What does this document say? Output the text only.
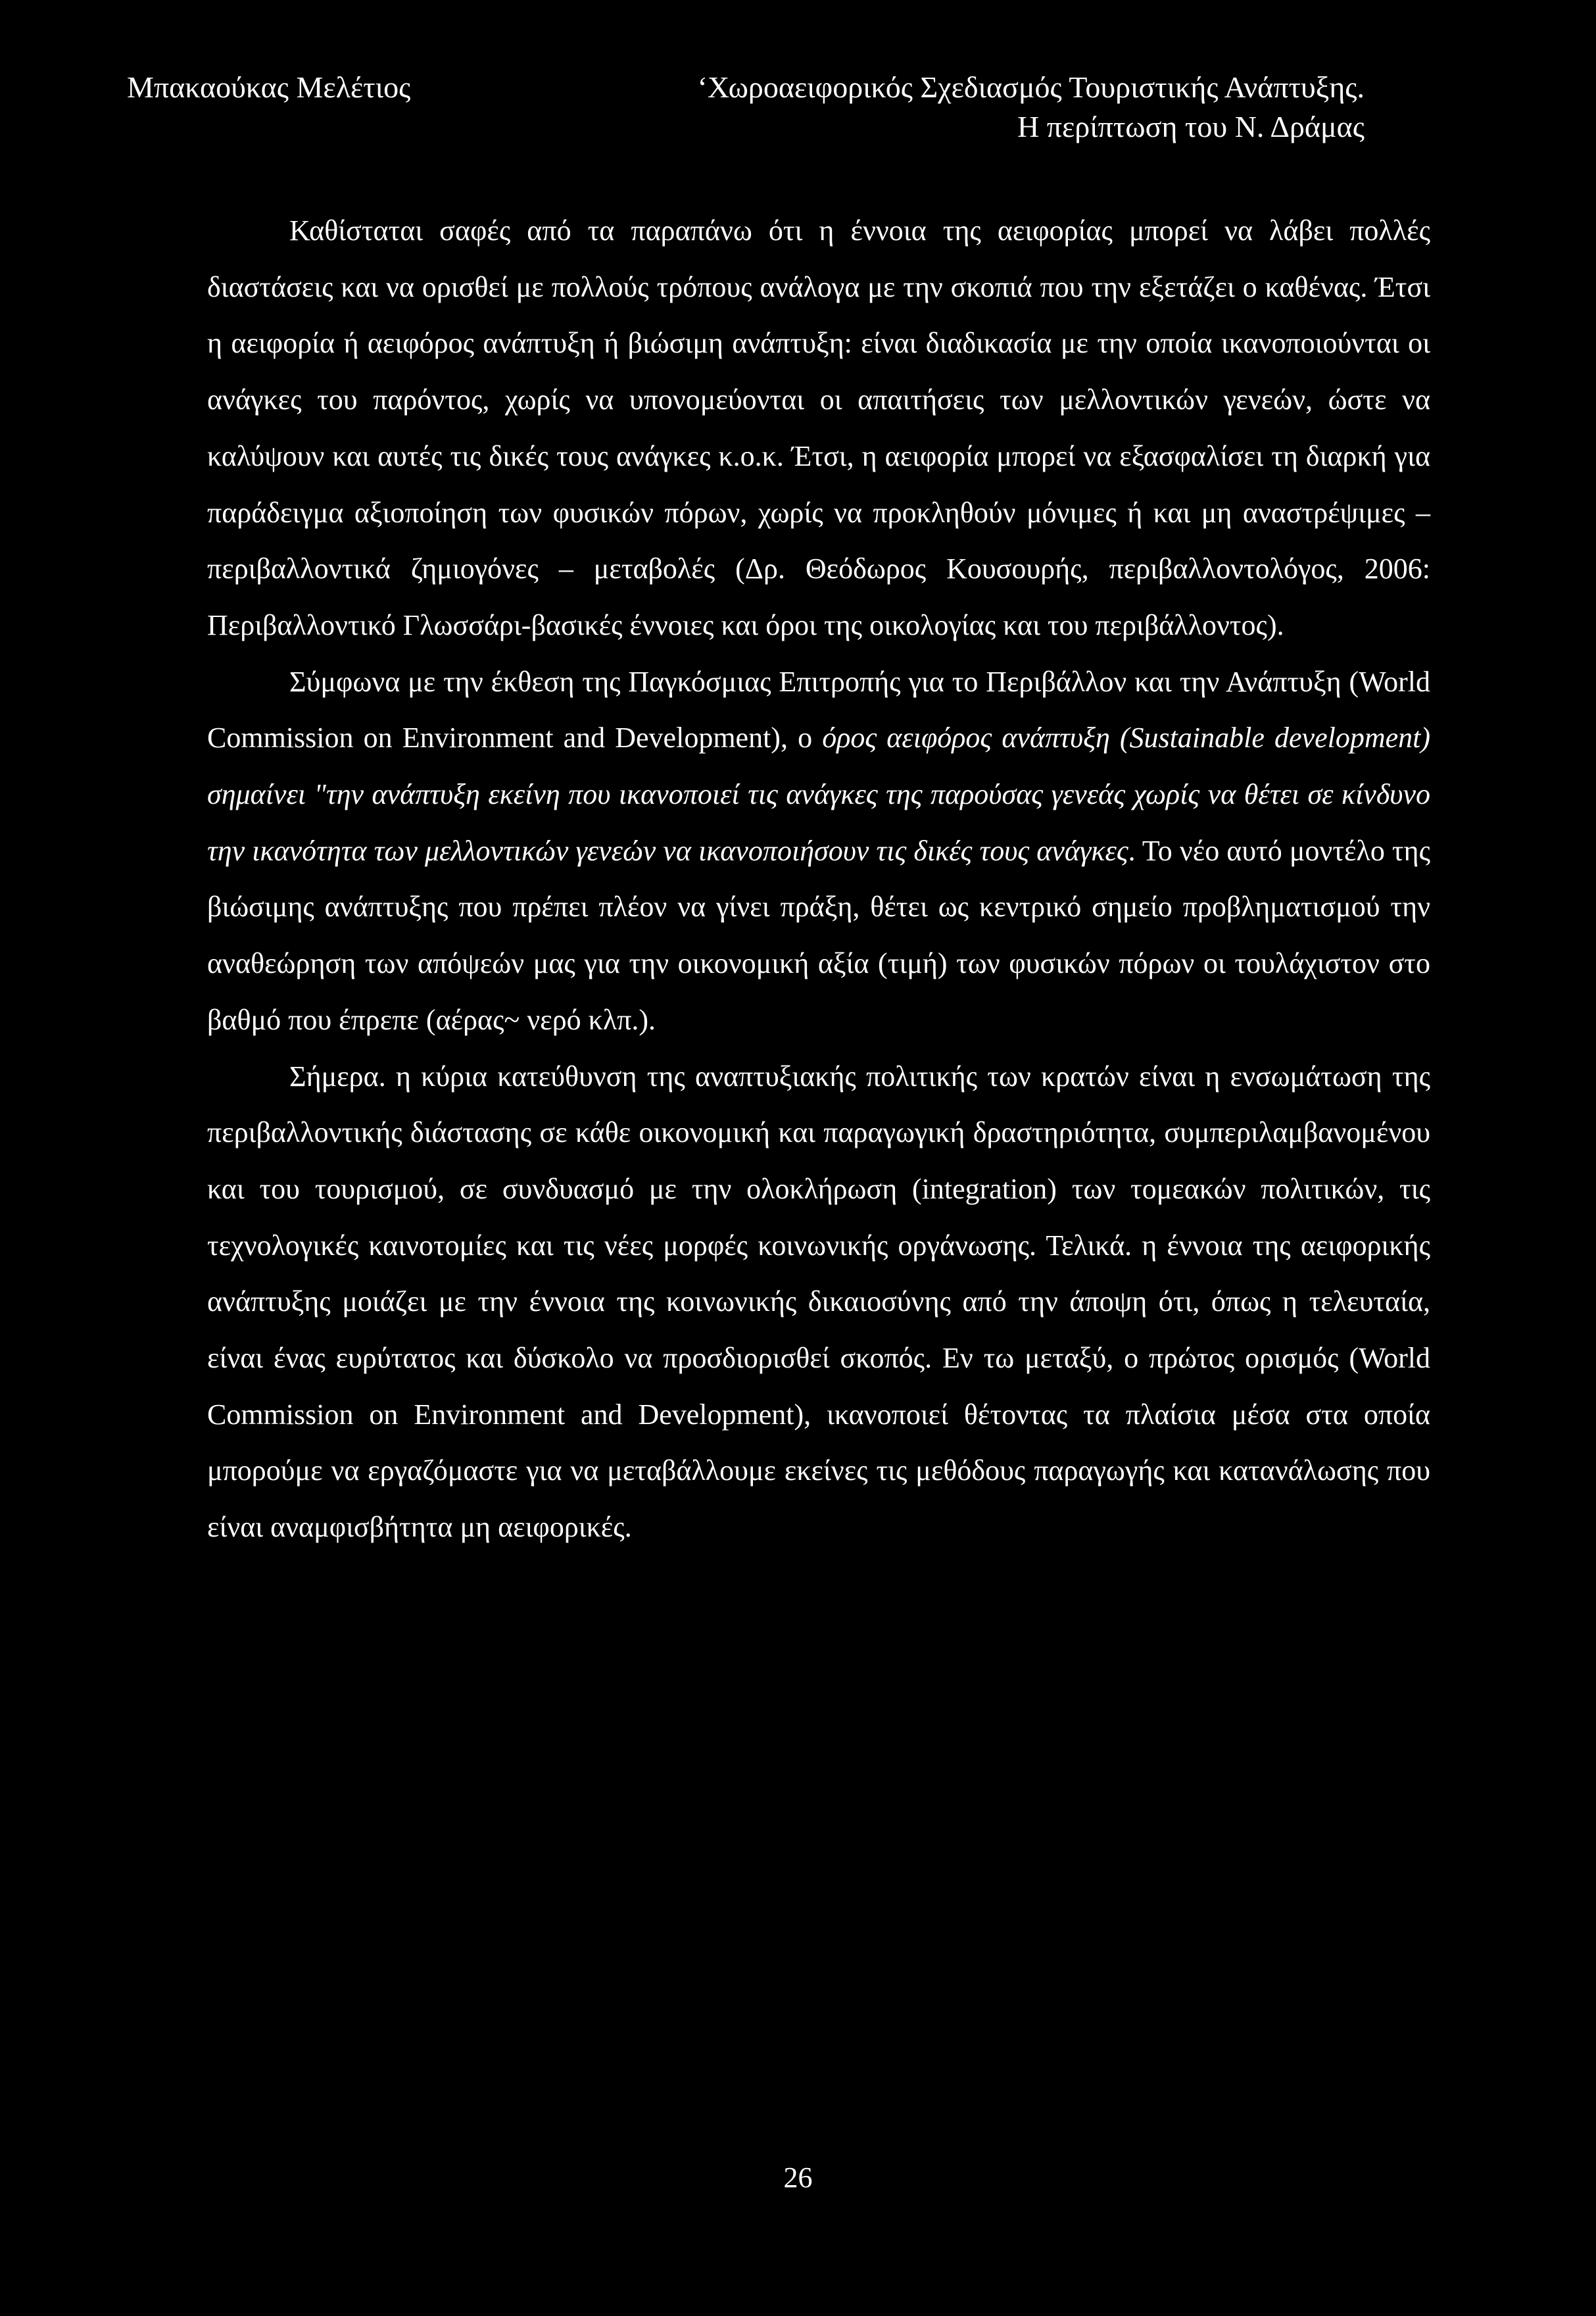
Μπακαούκας Μελέτιος	‘Χωροαειφορικός Σχεδιασμός Τουριστικής Ανάπτυξης.
Η περίπτωση του Ν. Δράμας

Καθίσταται σαφές από τα παραπάνω ότι η έννοια της αειφορίας μπορεί να λάβει πολλές διαστάσεις και να ορισθεί με πολλούς τρόπους ανάλογα με την σκοπιά που την εξετάζει ο καθένας. Έτσι η αειφορία ή αειφόρος ανάπτυξη ή βιώσιμη ανάπτυξη: είναι διαδικασία με την οποία ικανοποιούνται οι ανάγκες του παρόντος, χωρίς να υπονομεύονται οι απαιτήσεις των μελλοντικών γενεών, ώστε να καλύψουν και αυτές τις δικές τους ανάγκες κ.ο.κ. Έτσι, η αειφορία μπορεί να εξασφαλίσει τη διαρκή για παράδειγμα αξιοποίηση των φυσικών πόρων, χωρίς να προκληθούν μόνιμες ή και μη αναστρέψιμες –περιβαλλοντικά ζημιογόνες – μεταβολές (Δρ. Θεόδωρος Κουσουρής, περιβαλλοντολόγος, 2006: Περιβαλλοντικό Γλωσσάρι-βασικές έννοιες και όροι της οικολογίας και του περιβάλλοντος).

Σύμφωνα με την έκθεση της Παγκόσμιας Επιτροπής για το Περιβάλλον και την Ανάπτυξη (World Commission on Environment and Development), ο όρος αειφόρος ανάπτυξη (Sustainable development) σημαίνει "την ανάπτυξη εκείνη που ικανοποιεί τις ανάγκες της παρούσας γενεάς χωρίς να θέτει σε κίνδυνο την ικανότητα των μελλοντικών γενεών να ικανοποιήσουν τις δικές τους ανάγκες. Το νέο αυτό μοντέλο της βιώσιμης ανάπτυξης που πρέπει πλέον να γίνει πράξη, θέτει ως κεντρικό σημείο προβληματισμού την αναθεώρηση των απόψεών μας για την οικονομική αξία (τιμή) των φυσικών πόρων οι τουλάχιστον στο βαθμό που έπρεπε (αέρας~ νερό κλπ.).

Σήμερα. η κύρια κατεύθυνση της αναπτυξιακής πολιτικής των κρατών είναι η ενσωμάτωση της περιβαλλοντικής διάστασης σε κάθε οικονομική και παραγωγική δραστηριότητα, συμπεριλαμβανομένου και του τουρισμού, σε συνδυασμό με την ολοκλήρωση (integration) των τομεακών πολιτικών, τις τεχνολογικές καινοτομίες και τις νέες μορφές κοινωνικής οργάνωσης. Τελικά. η έννοια της αειφορικής ανάπτυξης μοιάζει με την έννοια της κοινωνικής δικαιοσύνης από την άποψη ότι, όπως η τελευταία, είναι ένας ευρύτατος και δύσκολο να προσδιορισθεί σκοπός. Εν τω μεταξύ, ο πρώτος ορισμός (World Commission on Environment and Development), ικανοποιεί θέτοντας τα πλαίσια μέσα στα οποία μπορούμε να εργαζόμαστε για να μεταβάλλουμε εκείνες τις μεθόδους παραγωγής και κατανάλωσης που είναι αναμφισβήτητα μη αειφορικές.

26
